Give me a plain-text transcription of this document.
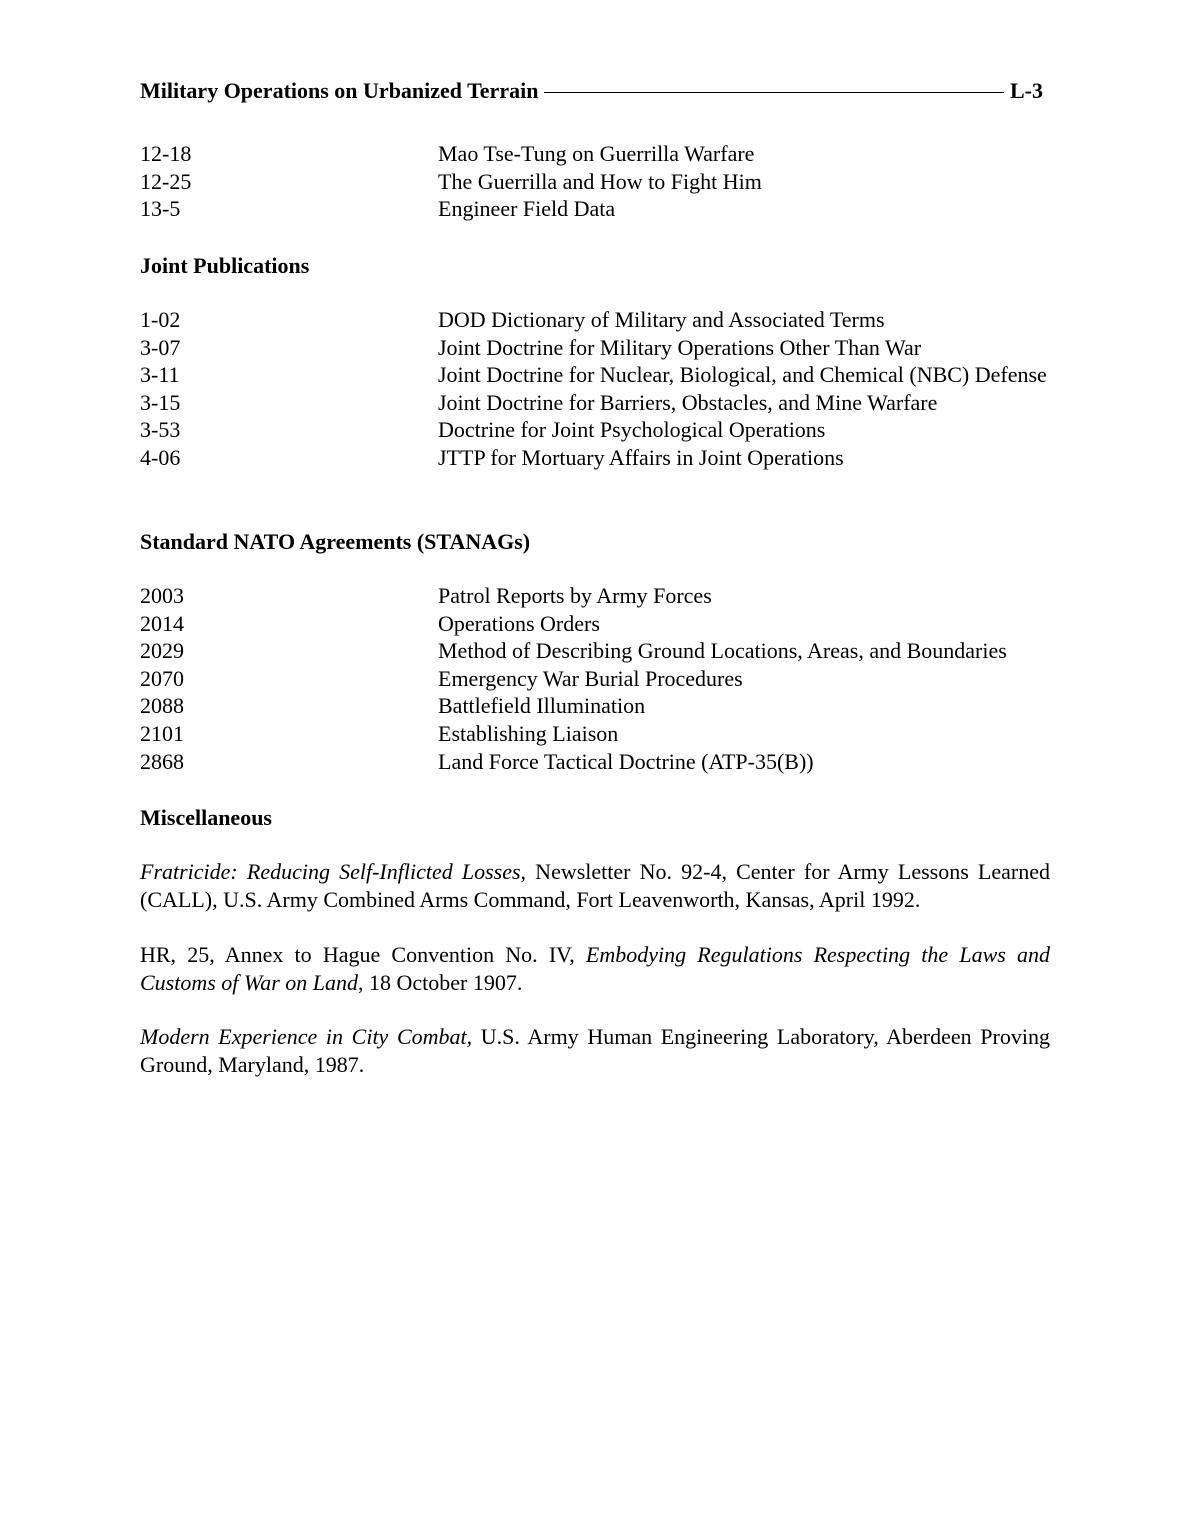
Military Operations on Urbanized Terrain	L-3
12-18	Mao Tse-Tung on Guerrilla Warfare
12-25	The Guerrilla and How to Fight Him
13-5	Engineer Field Data
Joint Publications
1-02	DOD Dictionary of Military and Associated Terms
3-07	Joint Doctrine for Military Operations Other Than War
3-11	Joint Doctrine for Nuclear, Biological, and Chemical (NBC) Defense
3-15	Joint Doctrine for Barriers, Obstacles, and Mine Warfare
3-53	Doctrine for Joint Psychological Operations
4-06	JTTP for Mortuary Affairs in Joint Operations
Standard NATO Agreements (STANAGs)
2003	Patrol Reports by Army Forces
2014	Operations Orders
2029	Method of Describing Ground Locations, Areas, and Boundaries
2070	Emergency War Burial Procedures
2088	Battlefield Illumination
2101	Establishing Liaison
2868	Land Force Tactical Doctrine (ATP-35(B))
Miscellaneous
Fratricide: Reducing Self-Inflicted Losses, Newsletter No. 92-4, Center for Army Lessons Learned (CALL), U.S. Army Combined Arms Command, Fort Leavenworth, Kansas, April 1992.
HR, 25, Annex to Hague Convention No. IV, Embodying Regulations Respecting the Laws and Customs of War on Land, 18 October 1907.
Modern Experience in City Combat, U.S. Army Human Engineering Laboratory, Aberdeen Proving Ground, Maryland, 1987.
